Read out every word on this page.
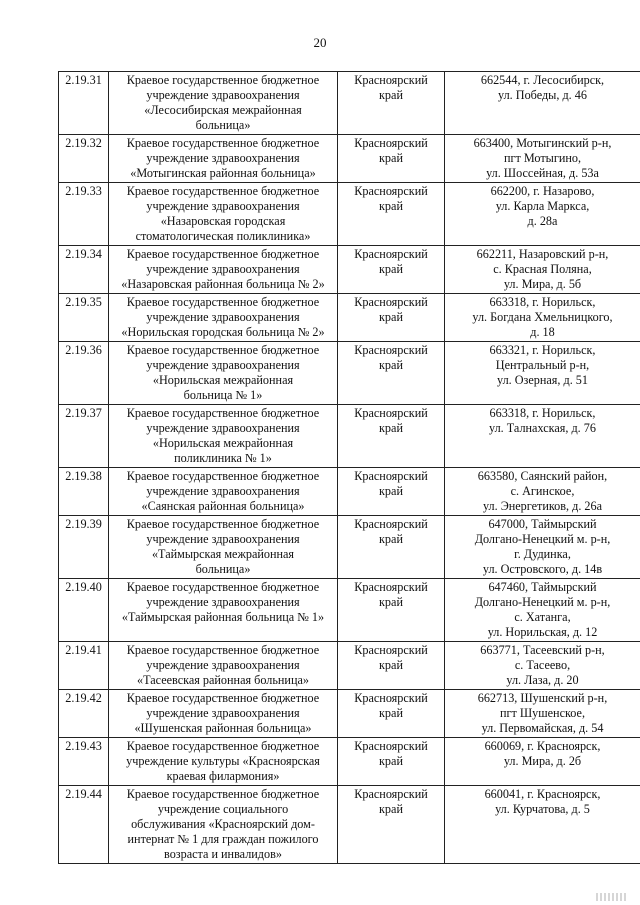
20
2.19.31	Краевое государственное бюджетное
учреждение здравоохранения
«Лесосибирская межрайонная
больница»	Красноярский
край	662544, г. Лесосибирск,
ул. Победы, д. 46

2.19.32	Краевое государственное бюджетное
учреждение здравоохранения
«Мотыгинская районная больница»	Красноярский
край	663400, Мотыгинский р-н,
пгт Мотыгино,
ул. Шоссейная, д. 53а

2.19.33	Краевое государственное бюджетное
учреждение здравоохранения
«Назаровская городская
стоматологическая поликлиника»	Красноярский
край	662200, г. Назарово,
ул. Карла Маркса,
д. 28а

2.19.34	Краевое государственное бюджетное
учреждение здравоохранения
«Назаровская районная больница № 2»	Красноярский
край	662211, Назаровский р-н,
с. Красная Поляна,
ул. Мира, д. 5б

2.19.35	Краевое государственное бюджетное
учреждение здравоохранения
«Норильская городская больница № 2»	Красноярский
край	663318, г. Норильск,
ул. Богдана Хмельницкого,
д. 18

2.19.36	Краевое государственное бюджетное
учреждение здравоохранения
«Норильская межрайонная
больница № 1»	Красноярский
край	663321, г. Норильск,
Центральный р-н,
ул. Озерная, д. 51

2.19.37	Краевое государственное бюджетное
учреждение здравоохранения
«Норильская межрайонная
поликлиника № 1»	Красноярский
край	663318, г. Норильск,
ул. Талнахская, д. 76

2.19.38	Краевое государственное бюджетное
учреждение здравоохранения
«Саянская районная больница»	Красноярский
край	663580, Саянский район,
с. Агинское,
ул. Энергетиков, д. 26а

2.19.39	Краевое государственное бюджетное
учреждение здравоохранения
«Таймырская межрайонная
больница»	Красноярский
край	647000, Таймырский
Долгано-Ненецкий м. р-н,
г. Дудинка,
ул. Островского, д. 14в

2.19.40	Краевое государственное бюджетное
учреждение здравоохранения
«Таймырская районная больница № 1»	Красноярский
край	647460, Таймырский
Долгано-Ненецкий м. р-н,
с. Хатанга,
ул. Норильская, д. 12

2.19.41	Краевое государственное бюджетное
учреждение здравоохранения
«Тасеевская районная больница»	Красноярский
край	663771, Тасеевский р-н,
с. Тасеево,
ул. Лаза, д. 20

2.19.42	Краевое государственное бюджетное
учреждение здравоохранения
«Шушенская районная больница»	Красноярский
край	662713, Шушенский р-н,
пгт Шушенское,
ул. Первомайская, д. 54

2.19.43	Краевое государственное бюджетное
учреждение культуры «Красноярская
краевая филармония»	Красноярский
край	660069, г. Красноярск,
ул. Мира, д. 2б

2.19.44	Краевое государственное бюджетное
учреждение социального
обслуживания «Красноярский дом-
интернат № 1 для граждан пожилого
возраста и инвалидов»	Красноярский
край	660041, г. Красноярск,
ул. Курчатова, д. 5
